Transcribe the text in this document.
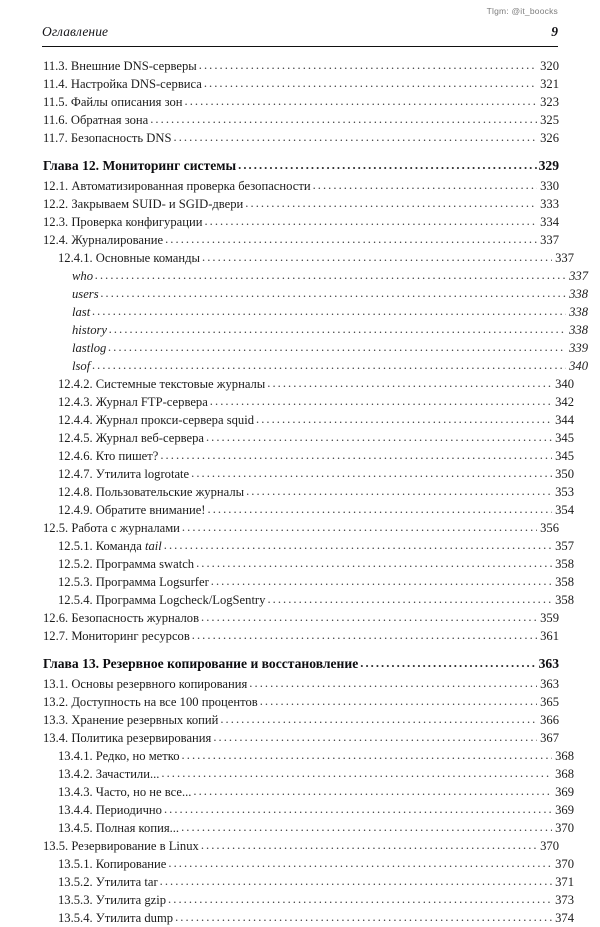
Tlgm: @it_boocks
Оглавление	9
11.3. Внешние DNS-серверы . . .	320
11.4. Настройка DNS-сервиса . . .	321
11.5. Файлы описания зон . . .	323
11.6. Обратная зона . . .	325
11.7. Безопасность DNS . . .	326
Глава 12. Мониторинг системы . . .	329
12.1. Автоматизированная проверка безопасности . . .	330
12.2. Закрываем SUID- и SGID-двери . . .	333
12.3. Проверка конфигурации . . .	334
12.4. Журналирование . . .	337
12.4.1. Основные команды . . .	337
who . . .	337
users . . .	338
last . . .	338
history . . .	338
lastlog . . .	339
lsof . . .	340
12.4.2. Системные текстовые журналы . . .	340
12.4.3. Журнал FTP-сервера . . .	342
12.4.4. Журнал прокси-сервера squid . . .	344
12.4.5. Журнал веб-сервера . . .	345
12.4.6. Кто пишет? . . .	345
12.4.7. Утилита logrotate . . .	350
12.4.8. Пользовательские журналы . . .	353
12.4.9. Обратите внимание! . . .	354
12.5. Работа с журналами . . .	356
12.5.1. Команда tail . . .	357
12.5.2. Программа swatch . . .	358
12.5.3. Программа Logsurfer . . .	358
12.5.4. Программа Logcheck/LogSentry . . .	358
12.6. Безопасность журналов . . .	359
12.7. Мониторинг ресурсов . . .	361
Глава 13. Резервное копирование и восстановление . . .	363
13.1. Основы резервного копирования . . .	363
13.2. Доступность на все 100 процентов . . .	365
13.3. Хранение резервных копий . . .	366
13.4. Политика резервирования . . .	367
13.4.1. Редко, но метко . . .	368
13.4.2. Зачастили... . . .	368
13.4.3. Часто, но не все... . . .	369
13.4.4. Периодично . . .	369
13.4.5. Полная копия... . . .	370
13.5. Резервирование в Linux . . .	370
13.5.1. Копирование . . .	370
13.5.2. Утилита tar . . .	371
13.5.3. Утилита gzip . . .	373
13.5.4. Утилита dump . . .	374
